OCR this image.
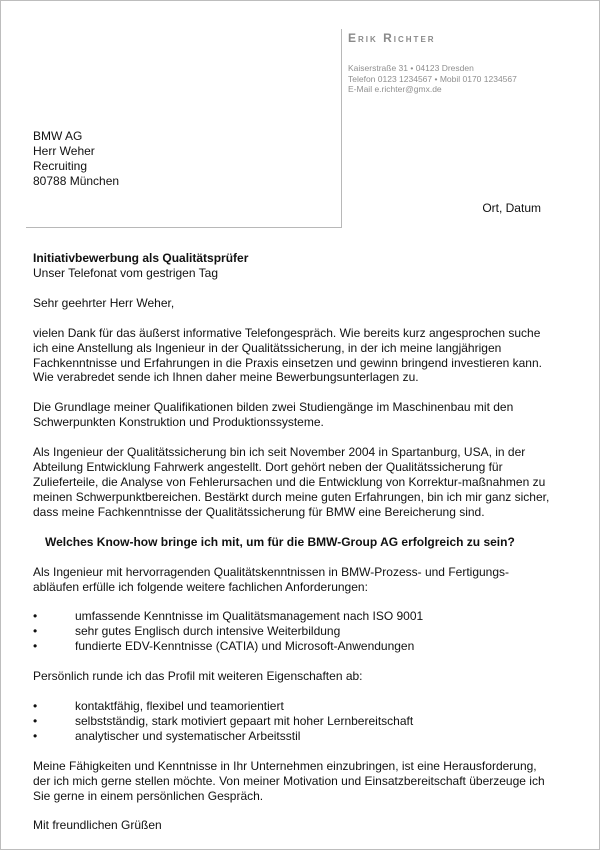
Erik Richter
Kaiserstraße 31 • 04123 Dresden
Telefon 0123 1234567 • Mobil 0170 1234567
E-Mail e.richter@gmx.de
BMW AG
Herr Weher
Recruiting
80788 München
Ort, Datum

Initiativbewerbung als Qualitätsprüfer

Unser Telefonat vom gestrigen Tag

Sehr geehrter Herr Weher,

vielen Dank für das äußerst informative Telefongespräch. Wie bereits kurz angesprochen suche ich eine Anstellung als Ingenieur in der Qualitätssicherung, in der ich meine langjährigen Fachkenntnisse und Erfahrungen in die Praxis einsetzen und gewinn bringend investieren kann. Wie verabredet sende ich Ihnen daher meine Bewerbungsunterlagen zu.

Die Grundlage meiner Qualifikationen bilden zwei Studiengänge im Maschinenbau mit den Schwerpunkten Konstruktion und Produktionssysteme.

Als Ingenieur der Qualitätssicherung bin ich seit November 2004 in Spartanburg, USA, in der Abteilung Entwicklung Fahrwerk angestellt. Dort gehört neben der Qualitätssicherung für Zulieferteile, die Analyse von Fehlerursachen und die Entwicklung von Korrektur-maßnahmen zu meinen Schwerpunktbereichen. Bestärkt durch meine guten Erfahrungen, bin ich mir ganz sicher, dass meine Fachkenntnisse der Qualitätssicherung für BMW eine Bereicherung sind.

Welches Know-how bringe ich mit, um für die BMW-Group AG erfolgreich zu sein?

Als Ingenieur mit hervorragenden Qualitätskenntnissen in BMW-Prozess- und Fertigungs-abläufen erfülle ich folgende weitere fachlichen Anforderungen:

•	umfassende Kenntnisse im Qualitätsmanagement nach ISO 9001
•	sehr gutes Englisch durch intensive Weiterbildung
•	fundierte EDV-Kenntnisse (CATIA) und Microsoft-Anwendungen

Persönlich runde ich das Profil mit weiteren Eigenschaften ab:

•	kontaktfähig, flexibel und teamorientiert
•	selbstständig, stark motiviert gepaart mit hoher Lernbereitschaft
•	analytischer und systematischer Arbeitsstil

Meine Fähigkeiten und Kenntnisse in Ihr Unternehmen einzubringen, ist eine Herausforderung, der ich mich gerne stellen möchte. Von meiner Motivation und Einsatzbereitschaft überzeuge ich Sie gerne in einem persönlichen Gespräch.

Mit freundlichen Grüßen
